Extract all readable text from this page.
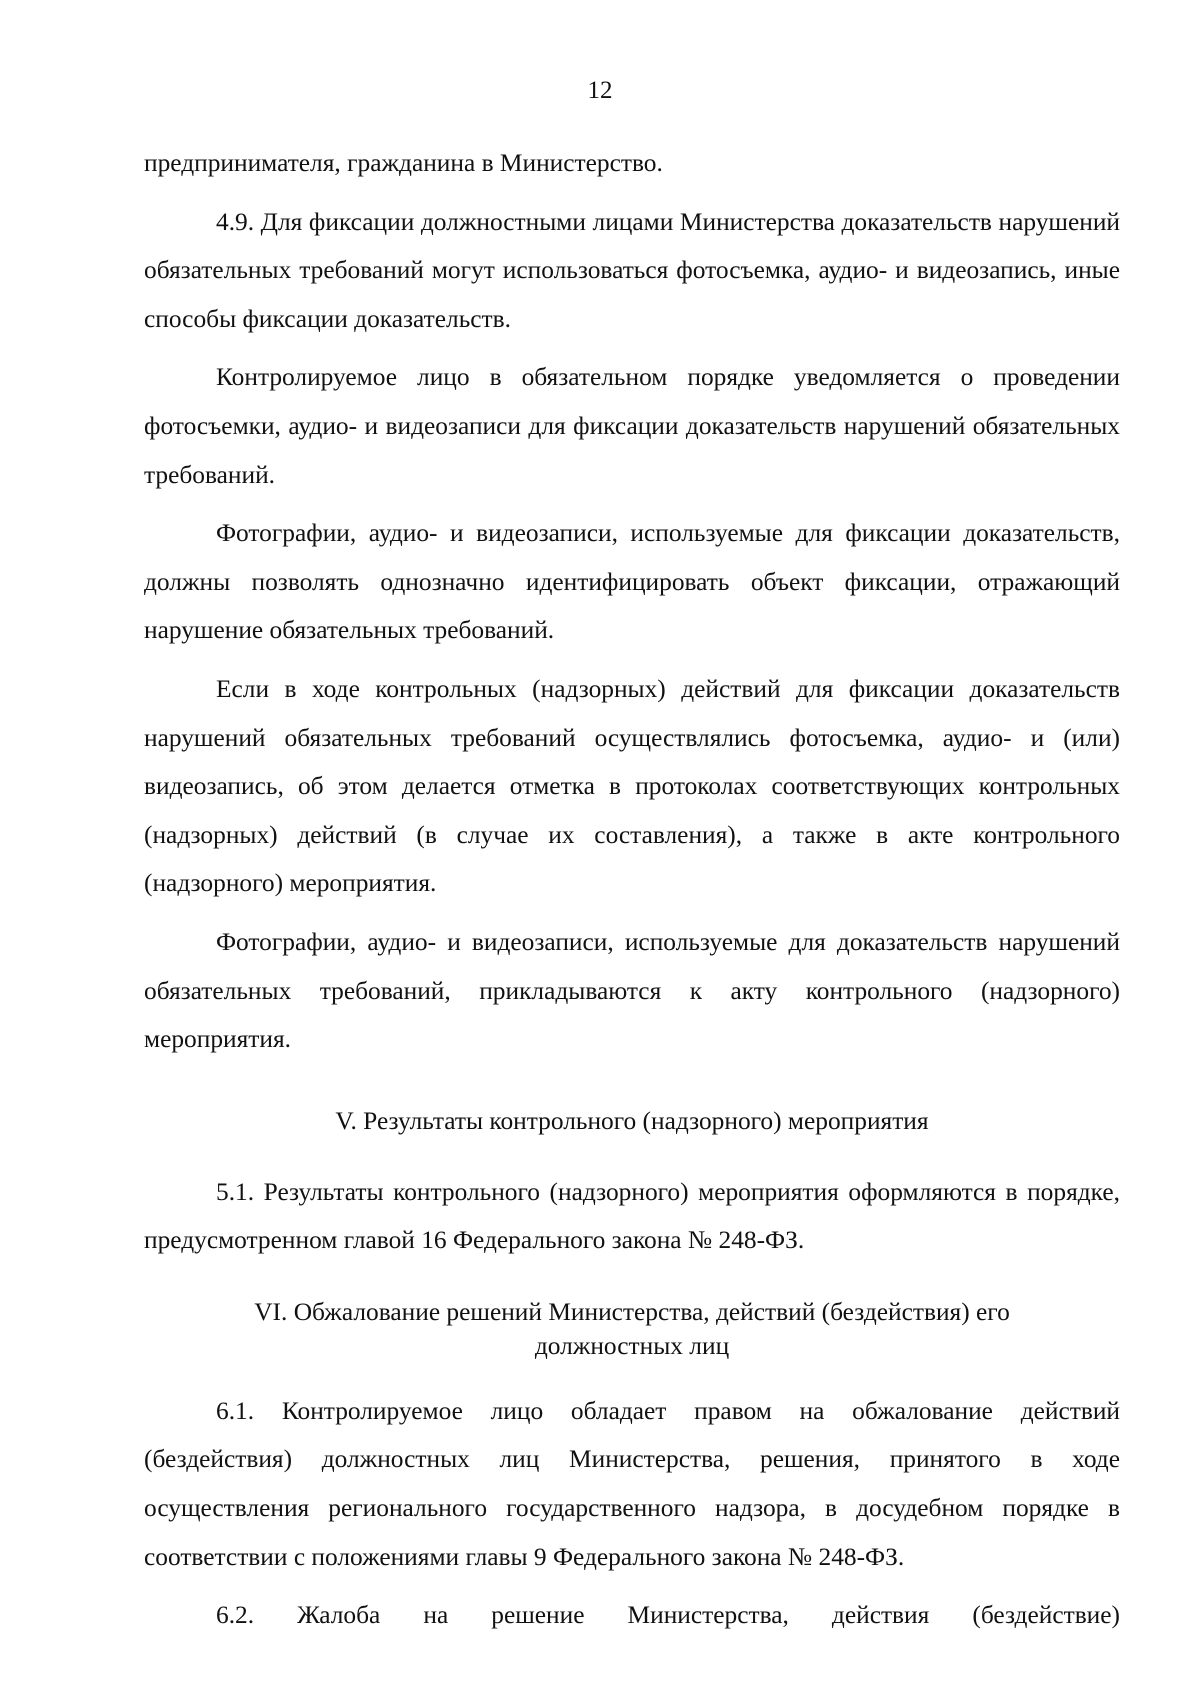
12

предпринимателя, гражданина в Министерство.

4.9. Для фиксации должностными лицами Министерства доказательств нарушений обязательных требований могут использоваться фотосъемка, аудио- и видеозапись, иные способы фиксации доказательств.

Контролируемое лицо в обязательном порядке уведомляется о проведении фотосъемки, аудио- и видеозаписи для фиксации доказательств нарушений обязательных требований.

Фотографии, аудио- и видеозаписи, используемые для фиксации доказательств, должны позволять однозначно идентифицировать объект фиксации, отражающий нарушение обязательных требований.

Если в ходе контрольных (надзорных) действий для фиксации доказательств нарушений обязательных требований осуществлялись фотосъемка, аудио- и (или) видеозапись, об этом делается отметка в протоколах соответствующих контрольных (надзорных) действий (в случае их составления), а также в акте контрольного (надзорного) мероприятия.

Фотографии, аудио- и видеозаписи, используемые для доказательств нарушений обязательных требований, прикладываются к акту контрольного (надзорного) мероприятия.

V. Результаты контрольного (надзорного) мероприятия

5.1. Результаты контрольного (надзорного) мероприятия оформляются в порядке, предусмотренном главой 16 Федерального закона № 248-ФЗ.

VI. Обжалование решений Министерства, действий (бездействия) его

должностных лиц

6.1. Контролируемое лицо обладает правом на обжалование действий (бездействия) должностных лиц Министерства, решения, принятого в ходе осуществления регионального государственного надзора, в досудебном порядке в соответствии с положениями главы 9 Федерального закона № 248-ФЗ.

6.2. Жалоба на решение Министерства, действия (бездействие)
